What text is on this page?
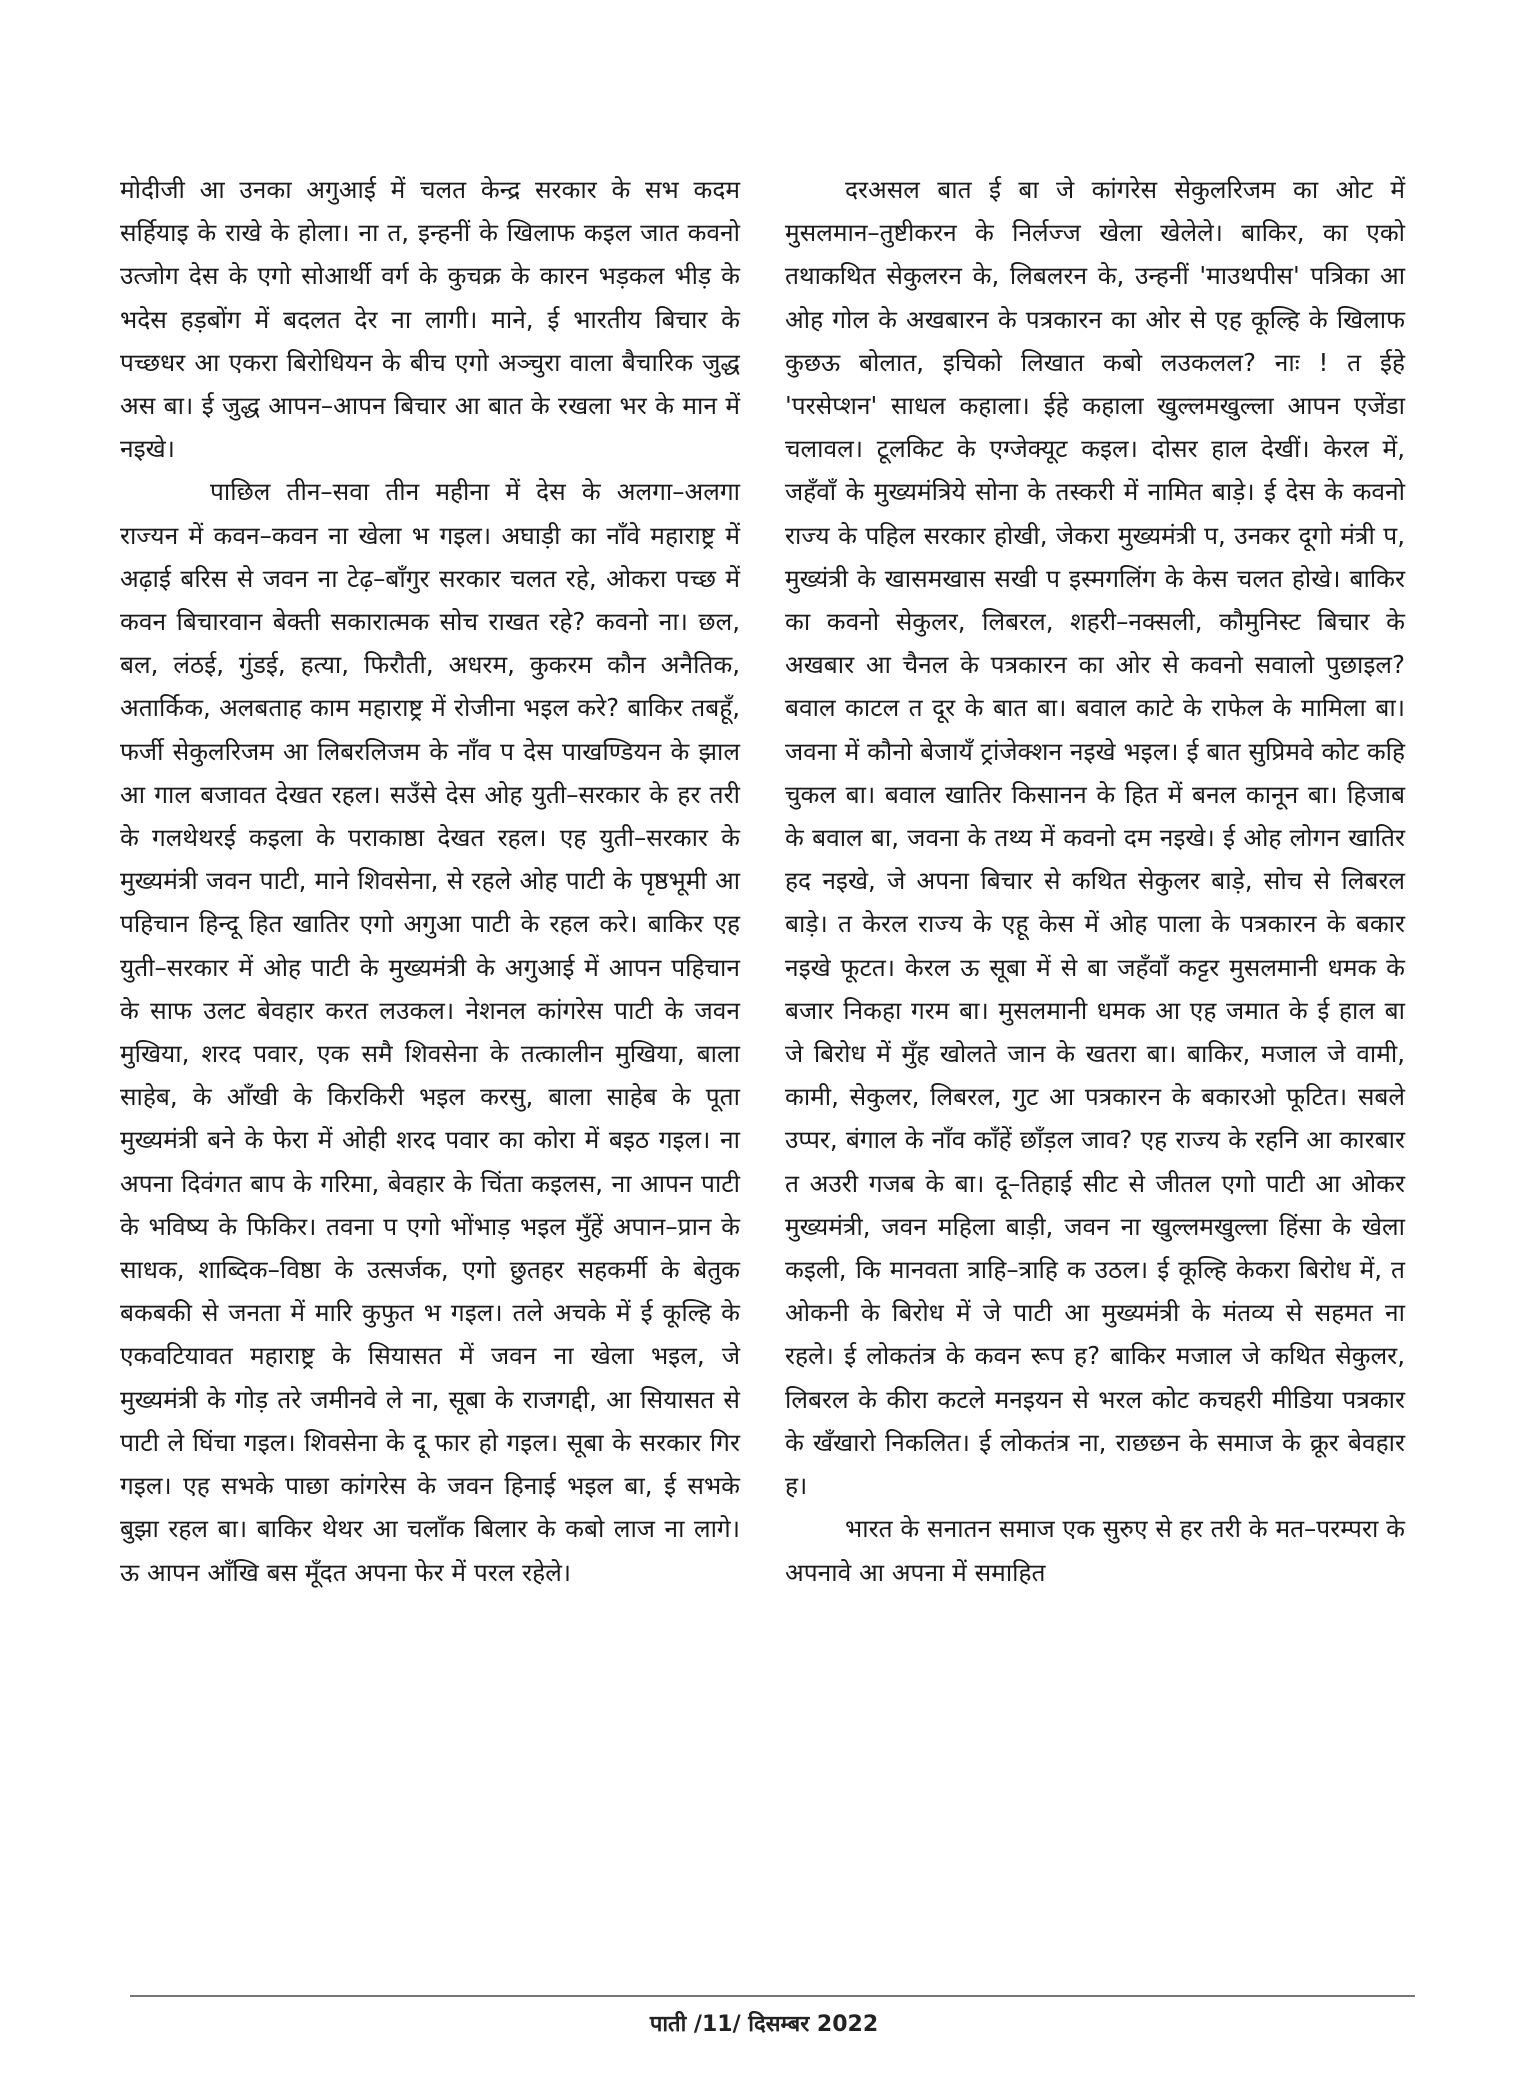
मोदीजी आ उनका अगुआई में चलत केन्द्र सरकार के सभ कदम सर्हियाइ के राखे के होला। ना त, इन्हनीं के खिलाफ कइल जात कवनो उत्जोग देस के एगो सोआर्थी वर्ग के कुचक्र के कारन भड़कल भीड़ के भदेस हड़बोंग में बदलत देर ना लागी। माने, ई भारतीय बिचार के पच्छधर आ एकरा बिरोधियन के बीच एगो अञ्चुरा वाला बैचारिक जुद्ध अस बा। ई जुद्ध आपन–आपन बिचार आ बात के रखला भर के मान में नइखे।

पाछिल तीन–सवा तीन महीना में देस के अलगा–अलगा राज्यन में कवन–कवन ना खेला भ गइल। अघाड़ी का नाँवे महाराष्ट्र में अढ़ाई बरिस से जवन ना टेढ़–बाँगुर सरकार चलत रहे, ओकरा पच्छ में कवन बिचारवान बेक्ती सकारात्मक सोच राखत रहे? कवनो ना। छल, बल, लंठई, गुंडई, हत्या, फिरौती, अधरम, कुकरम कौन अनैतिक, अतार्किक, अलबताह काम महाराष्ट्र में रोजीना भइल करे? बाकिर तबहूँ, फर्जी सेकुलरिजम आ लिबरलिजम के नाँव प देस पाखण्डियन के झाल आ गाल बजावत देखत रहल। सउँसे देस ओह युती–सरकार के हर तरी के गलथेथरई कइला के पराकाष्ठा देखत रहल। एह युती–सरकार के मुख्यमंत्री जवन पाटी, माने शिवसेना, से रहले ओह पाटी के पृष्ठभूमी आ पहिचान हिन्दू हित खातिर एगो अगुआ पाटी के रहल करे। बाकिर एह युती–सरकार में ओह पाटी के मुख्यमंत्री के अगुआई में आपन पहिचान के साफ उलट बेवहार करत लउकल। नेशनल कांगरेस पाटी के जवन मुखिया, शरद पवार, एक समै शिवसेना के तत्कालीन मुखिया, बाला साहेब, के आँखी के किरकिरी भइल करसु, बाला साहेब के पूता मुख्यमंत्री बने के फेरा में ओही शरद पवार का कोरा में बइठ गइल। ना अपना दिवंगत बाप के गरिमा, बेवहार के चिंता कइलस, ना आपन पाटी के भविष्य के फिकिर। तवना प एगो भोंभाड़ भइल मुँहें अपान–प्रान के साधक, शाब्दिक–विष्ठा के उत्सर्जक, एगो छुतहर सहकर्मी के बेतुक बकबकी से जनता में मारि कुफुत भ गइल। तले अचके में ई कूल्हि के एकवटियावत महाराष्ट्र के सियासत में जवन ना खेला भइल, जे मुख्यमंत्री के गोड़ तरे जमीनवे ले ना, सूबा के राजगद्दी, आ सियासत से पाटी ले घिंचा गइल। शिवसेना के दू फार हो गइल। सूबा के सरकार गिर गइल। एह सभके पाछा कांगरेस के जवन हिनाई भइल बा, ई सभके बुझा रहल बा। बाकिर थेथर आ चलाँक बिलार के कबो लाज ना लागे। ऊ आपन आँखि बस मूँदत अपना फेर में परल रहेले।

दरअसल बात ई बा जे कांगरेस सेकुलरिजम का ओट में मुसलमान–तुष्टीकरन के निर्लज्ज खेला खेलेले। बाकिर, का एको तथाकथित सेकुलरन के, लिबलरन के, उन्हनीं 'माउथपीस' पत्रिका आ ओह गोल के अखबारन के पत्रकारन का ओर से एह कूल्हि के खिलाफ कुछऊ बोलात, इचिको लिखात कबो लउकलल? नाः ! त ईहे 'परसेप्शन' साधल कहाला। ईहे कहाला खुल्लमखुल्ला आपन एजेंडा चलावल। टूलकिट के एग्जेक्यूट कइल। दोसर हाल देखीं। केरल में, जहँवाँ के मुख्यमंत्रिये सोना के तस्करी में नामित बाड़े। ई देस के कवनो राज्य के पहिल सरकार होखी, जेकरा मुख्यमंत्री प, उनकर दूगो मंत्री प, मुख्यंत्री के खासमखास सखी प इस्मगलिंग के केस चलत होखे। बाकिर का कवनो सेकुलर, लिबरल, शहरी–नक्सली, कौमुनिस्ट बिचार के अखबार आ चैनल के पत्रकारन का ओर से कवनो सवालो पुछाइल? बवाल काटल त दूर के बात बा। बवाल काटे के राफेल के मामिला बा। जवना में कौनो बेजायँ ट्रांजेक्शन नइखे भइल। ई बात सुप्रिमवे कोट कहि चुकल बा। बवाल खातिर किसानन के हित में बनल कानून बा। हिजाब के बवाल बा, जवना के तथ्य में कवनो दम नइखे। ई ओह लोगन खातिर हद नइखे, जे अपना बिचार से कथित सेकुलर बाड़े, सोच से लिबरल बाड़े। त केरल राज्य के एहू केस में ओह पाला के पत्रकारन के बकार नइखे फूटत। केरल ऊ सूबा में से बा जहँवाँ कट्टर मुसलमानी धमक के बजार निकहा गरम बा। मुसलमानी धमक आ एह जमात के ई हाल बा जे बिरोध में मुँह खोलते जान के खतरा बा। बाकिर, मजाल जे वामी, कामी, सेकुलर, लिबरल, गुट आ पत्रकारन के बकारओ फूटित। सबले उप्पर, बंगाल के नाँव काँहें छाँड़ल जाव? एह राज्य के रहनि आ कारबार त अउरी गजब के बा। दू–तिहाई सीट से जीतल एगो पाटी आ ओकर मुख्यमंत्री, जवन महिला बाड़ी, जवन ना खुल्लमखुल्ला हिंसा के खेला कइली, कि मानवता त्राहि–त्राहि क उठल। ई कूल्हि केकरा बिरोध में, त ओकनी के बिरोध में जे पाटी आ मुख्यमंत्री के मंतव्य से सहमत ना रहले। ई लोकतंत्र के कवन रूप ह? बाकिर मजाल जे कथित सेकुलर, लिबरल के कीरा कटले मनइयन से भरल कोट कचहरी मीडिया पत्रकार के खँखारो निकलित। ई लोकतंत्र ना, राछछन के समाज के क्रूर बेवहार ह।

भारत के सनातन समाज एक सुरुए से हर तरी के मत–परम्परा के अपनावे आ अपना में समाहित

पाती /11/ दिसम्बर 2022
